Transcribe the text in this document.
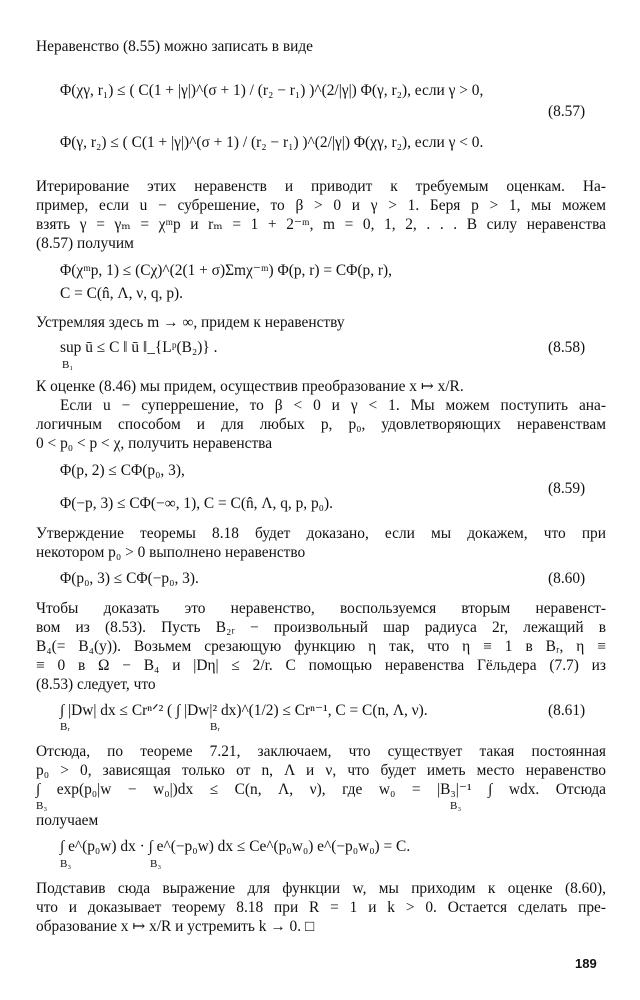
Неравенство (8.55) можно записать в виде
Φ(χγ, r₁) ≤ ( C(1 + |γ|)^(σ + 1) / (r₂ − r₁) )^(2/|γ|) Φ(γ, r₂), если γ > 0,
Φ(γ, r₂) ≤ ( C(1 + |γ|)^(σ + 1) / (r₂ − r₁) )^(2/|γ|) Φ(χγ, r₂), если γ < 0.
(8.57)
Итерирование этих неравенств и приводит к требуемым оценкам. На-
пример, если u − субрешение, то β > 0 и γ > 1. Беря p > 1, мы можем
взять γ = γₘ = χᵐp и rₘ = 1 + 2⁻ᵐ, m = 0, 1, 2, . . . В силу неравенства
(8.57) получим
Φ(χᵐp, 1) ≤ (Cχ)^(2(1 + σ)Σmχ⁻ᵐ) Φ(p, r) = CΦ(p, r),
C = C(n̂, Λ, ν, q, p).
Устремляя здесь m → ∞, придем к неравенству
sup ū ≤ C ‖ ū ‖_{Lᵖ(B₂)} .
B₁
(8.58)
К оценке (8.46) мы придем, осуществив преобразование x ↦ x/R.
Если u − суперрешение, то β < 0 и γ < 1. Мы можем поступить ана-
логичным способом и для любых p, p₀, удовлетворяющих неравенствам
0 < p₀ < p < χ, получить неравенства
Φ(p, 2) ≤ CΦ(p₀, 3),
Φ(−p, 3) ≤ CΦ(−∞, 1), C = C(n̂, Λ, q, p, p₀).
(8.59)
Утверждение теоремы 8.18 будет доказано, если мы докажем, что при
некотором p₀ > 0 выполнено неравенство
Φ(p₀, 3) ≤ CΦ(−p₀, 3).	(8.60)
Чтобы доказать это неравенство, воспользуемся вторым неравенст-
вом из (8.53). Пусть B₂ᵣ − произвольный шар радиуса 2r, лежащий в
B₄(= B₄(y)). Возьмем срезающую функцию η так, что η ≡ 1 в Bᵣ, η ≡
≡ 0 в Ω − B₄ и |Dη| ≤ 2/r. С помощью неравенства Гёльдера (7.7) из
(8.53) следует, что
∫ |Dw| dx ≤ Crⁿᐟ² ( ∫ |Dw|² dx)^(1/2) ≤ Crⁿ⁻¹, C = C(n, Λ, ν).
Bᵣ	Bᵣ
(8.61)
Отсюда, по теореме 7.21, заключаем, что существует такая постоянная
p₀ > 0, зависящая только от n, Λ и ν, что будет иметь место неравенство
∫ exp(p₀|w − w₀|)dx ≤ C(n, Λ, ν), где w₀ = |B₃|⁻¹ ∫ wdx. Отсюда
B₃	B₃
получаем
∫ e^(p₀w) dx · ∫ e^(−p₀w) dx ≤ Ce^(p₀w₀) e^(−p₀w₀) = C.
B₃	B₃
Подставив сюда выражение для функции w, мы приходим к оценке (8.60),
что и доказывает теорему 8.18 при R = 1 и k > 0. Остается сделать пре-
образование x ↦ x/R и устремить k → 0. □
189
